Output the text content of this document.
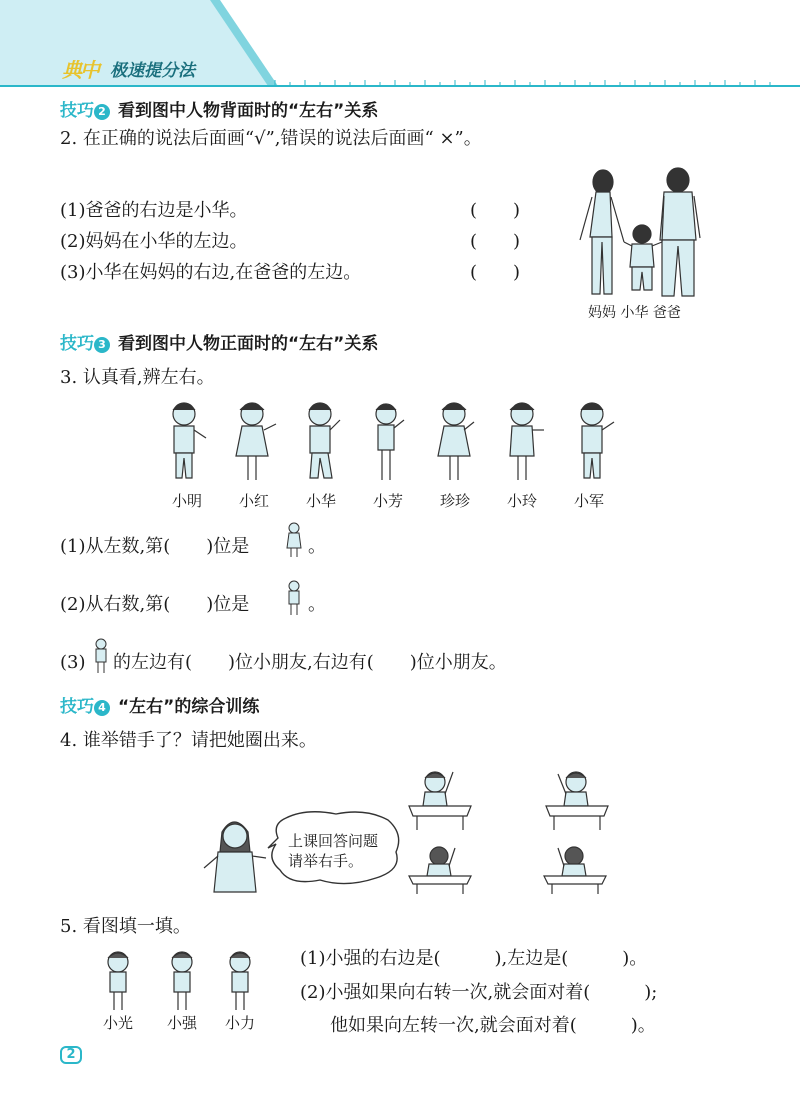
典中 极速提分法
技巧 2 看到图中人物背面时的“左右”关系
2. 在正确的说法后面画“√”,错误的说法后面画“ ×”。
(1)爸爸的右边是小华。	(　　)
(2)妈妈在小华的左边。	(　　)
(3)小华在妈妈的右边,在爸爸的左边。	(　　)
妈妈 小华 爸爸
技巧 3 看到图中人物正面时的“左右”关系
3. 认真看,辨左右。
小明 小红 小华 小芳 珍珍 小玲 小军
(1)从左数,第(　　)位是	。
(2)从右数,第(　　)位是	。
(3) 的左边有(　　)位小朋友,右边有(　　)位小朋友。
技巧 4 “左右”的综合训练
4. 谁举错手了？请把她圈出来。
上课回答问题
请举右手。
5. 看图填一填。
小光 小强 小力
(1)小强的右边是(　　　),左边是(　　　)。
(2)小强如果向右转一次,就会面对着(　　　);
他如果向左转一次,就会面对着(　　　)。
2
